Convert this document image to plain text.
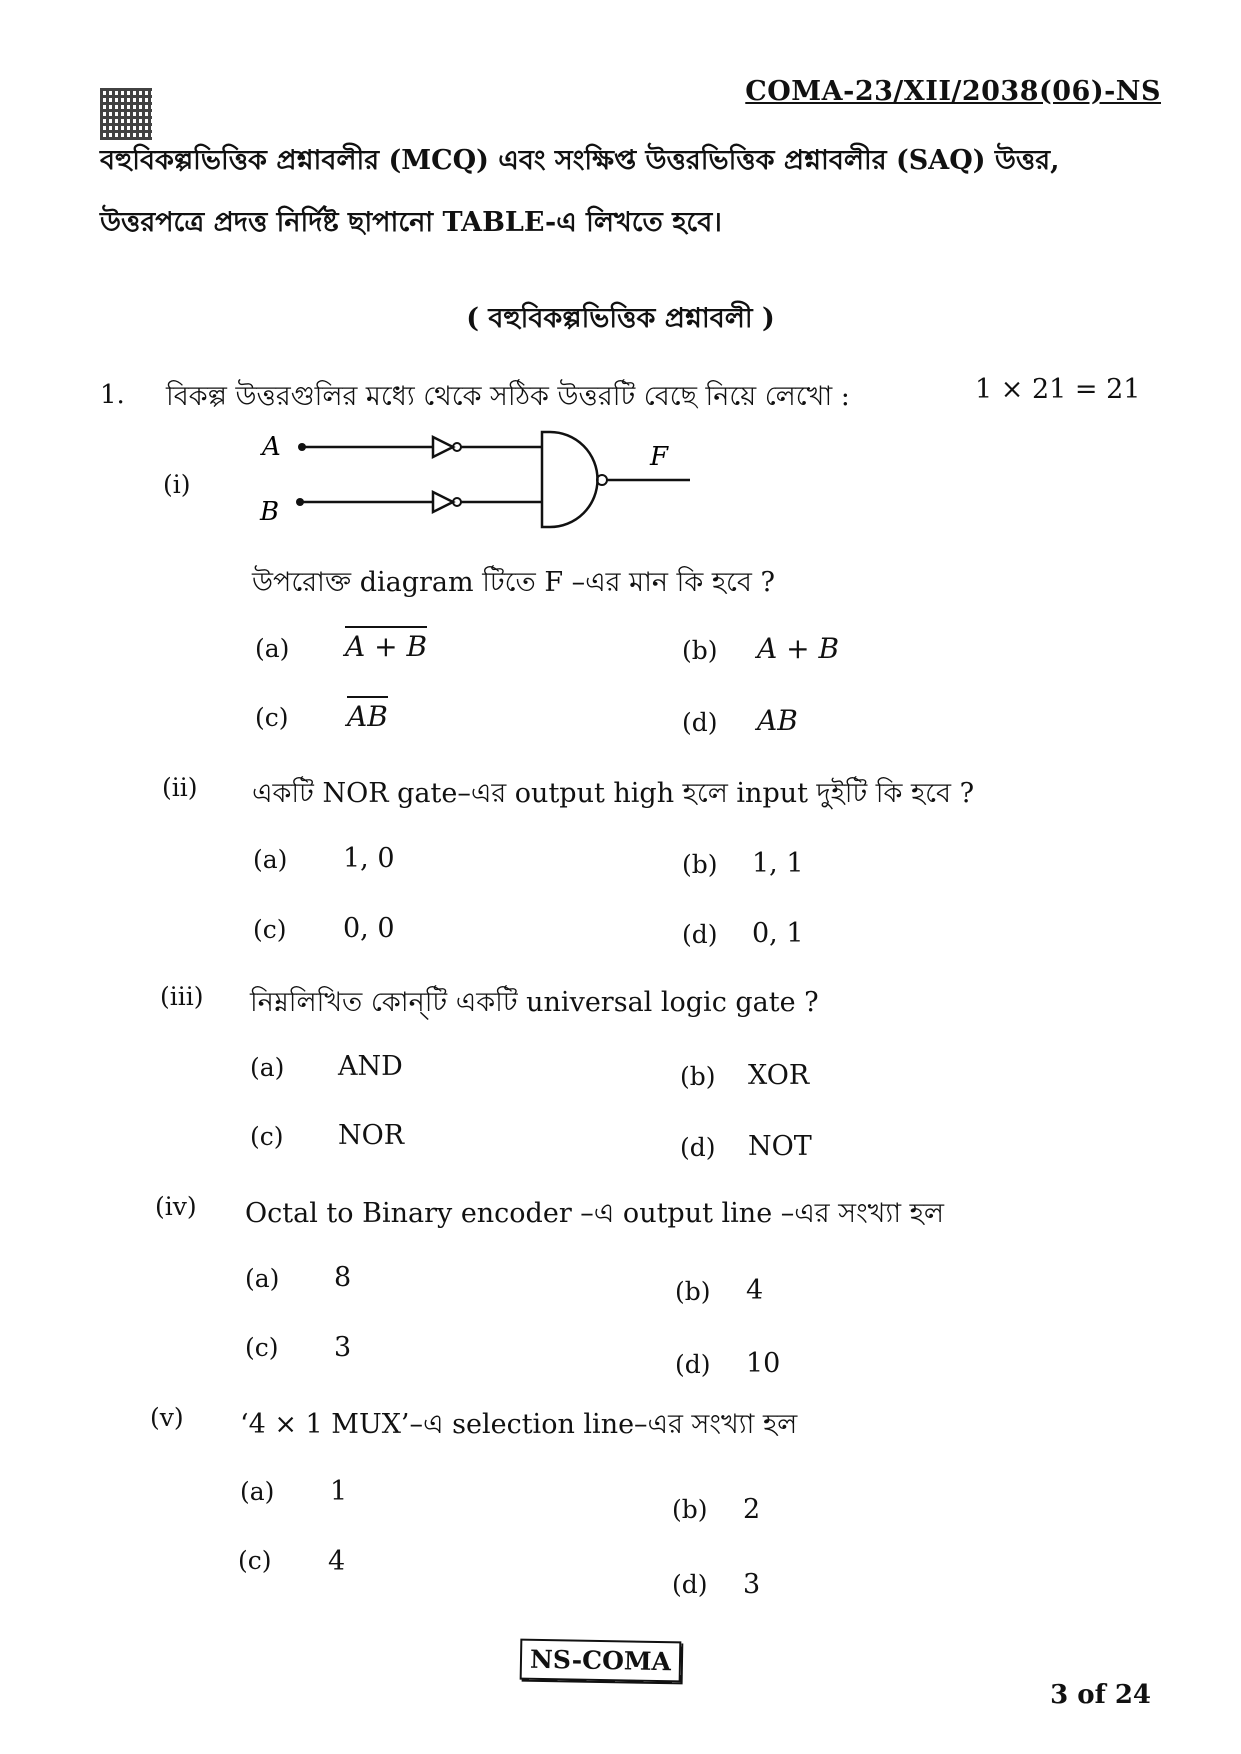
COMA-23/XII/2038(06)-NS
বহুবিকল্পভিত্তিক প্রশ্নাবলীর (MCQ) এবং সংক্ষিপ্ত উত্তরভিত্তিক প্রশ্নাবলীর (SAQ) উত্তর,
উত্তরপত্রে প্রদত্ত নির্দিষ্ট ছাপানো TABLE-এ লিখতে হবে।
( বহুবিকল্পভিত্তিক প্রশ্নাবলী )
1. বিকল্প উত্তরগুলির মধ্যে থেকে সঠিক উত্তরটি বেছে নিয়ে লেখো :	1 × 21 = 21
(i)
A
B
F
উপরোক্ত diagram টিতে F –এর মান কি হবে ?
(a) A + B	(b) A + B
(c) AB	(d) AB
(ii) একটি NOR gate–এর output high হলে input দুইটি কি হবে ?
(a) 1, 0	(b) 1, 1
(c) 0, 0	(d) 0, 1
(iii) নিম্নলিখিত কোন্‌টি একটি universal logic gate ?
(a) AND	(b) XOR
(c) NOR	(d) NOT
(iv) Octal to Binary encoder –এ output line –এর সংখ্যা হল
(a) 8	(b) 4
(c) 3
(d) 10
(v) ‘4 × 1 MUX’–এ selection line–এর সংখ্যা হল
(a) 1
(b) 2
(c) 4
(d) 3
NS-COMA
3 of 24
